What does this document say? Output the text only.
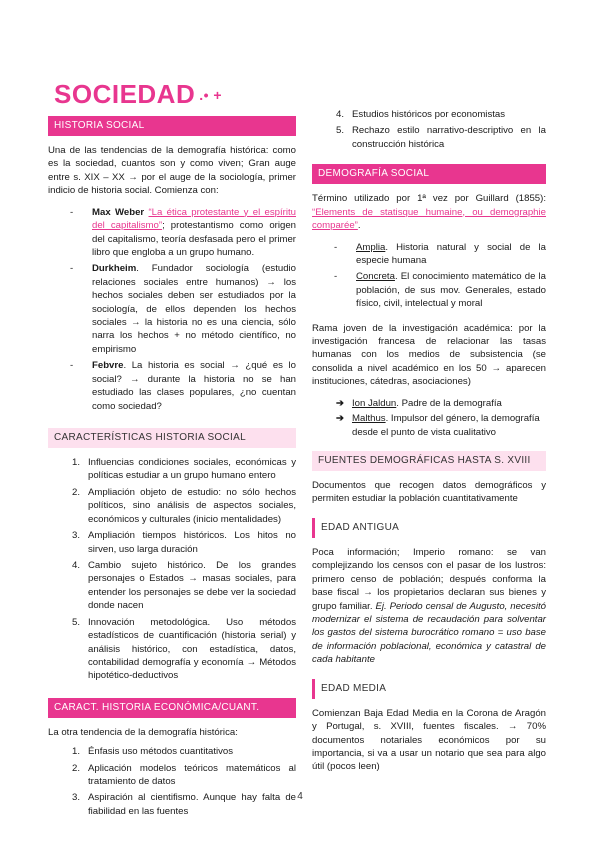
SOCIEDAD .• +
HISTORIA SOCIAL

Una de las tendencias de la demografía histórica: como es la sociedad, cuantos son y como viven; Gran auge entre s. XIX – XX → por el auge de la sociología, primer indicio de historia social. Comienza con:

- Max Weber “La ética protestante y el espíritu del capitalismo”; protestantismo como origen del capitalismo, teoría desfasada pero el primer libro que engloba a un grupo humano.
- Durkheim. Fundador sociología (estudio relaciones sociales entre humanos) → los hechos sociales deben ser estudiados por la sociología, de ellos dependen los hechos sociales → la historia no es una ciencia, sólo narra los hechos + no método científico, no empirismo
- Febvre. La historia es social → ¿qué es lo social? → durante la historia no se han estudiado las clases populares, ¿no cuentan como sociedad?
CARACTERÍSTICAS HISTORIA SOCIAL
1. Influencias condiciones sociales, económicas y políticas estudiar a un grupo humano entero
2. Ampliación objeto de estudio: no sólo hechos políticos, sino análisis de aspectos sociales, económicos y culturales (inicio mentalidades)
3. Ampliación tiempos históricos. Los hitos no sirven, uso larga duración
4. Cambio sujeto histórico. De los grandes personajes o Estados → masas sociales, para entender los personajes se debe ver la sociedad donde nacen
5. Innovación metodológica. Uso métodos estadísticos de cuantificación (historia serial) y análisis histórico, con estadística, datos, contabilidad demografía y economía → Métodos hipotético-deductivos
CARACT. HISTORIA ECONÓMICA/CUANT.

La otra tendencia de la demografía histórica:

1. Énfasis uso métodos cuantitativos
2. Aplicación modelos teóricos matemáticos al tratamiento de datos
3. Aspiración al cientifismo. Aunque hay falta de fiabilidad en las fuentes
4. Estudios históricos por economistas
5. Rechazo estilo narrativo-descriptivo en la construcción histórica
DEMOGRAFÍA SOCIAL

Término utilizado por 1ª vez por Guillard (1855): “Elements de statisque humaine, ou demographie comparée”.

- Amplia. Historia natural y social de la especie humana
- Concreta. El conocimiento matemático de la población, de sus mov. Generales, estado físico, civil, intelectual y moral

Rama joven de la investigación académica: por la investigación francesa de relacionar las tasas humanas con los medios de subsistencia (se consolida a nivel académico en los 50 → aparecen instituciones, cátedras, asociaciones)

➔ Ion Jaldun. Padre de la demografía
➔ Malthus. Impulsor del género, la demografía desde el punto de vista cualitativo
FUENTES DEMOGRÁFICAS HASTA S. XVIII

Documentos que recogen datos demográficos y permiten estudiar la población cuantitativamente

EDAD ANTIGUA

Poca información; Imperio romano: se van complejizando los censos con el pasar de los lustros: primero censo de población; después conforma la base fiscal → los propietarios declaran sus bienes y grupo familiar. Ej. Periodo censal de Augusto, necesitó modernizar el sistema de recaudación para solventar los gastos del sistema burocrático romano = uso base de información poblacional, económica y catastral de cada habitante

EDAD MEDIA

Comienzan Baja Edad Media en la Corona de Aragón y Portugal, s. XVIII, fuentes fiscales. → 70% documentos notariales económicos por su importancia, si va a usar un notario que sea para algo útil (pocos leen)

4
